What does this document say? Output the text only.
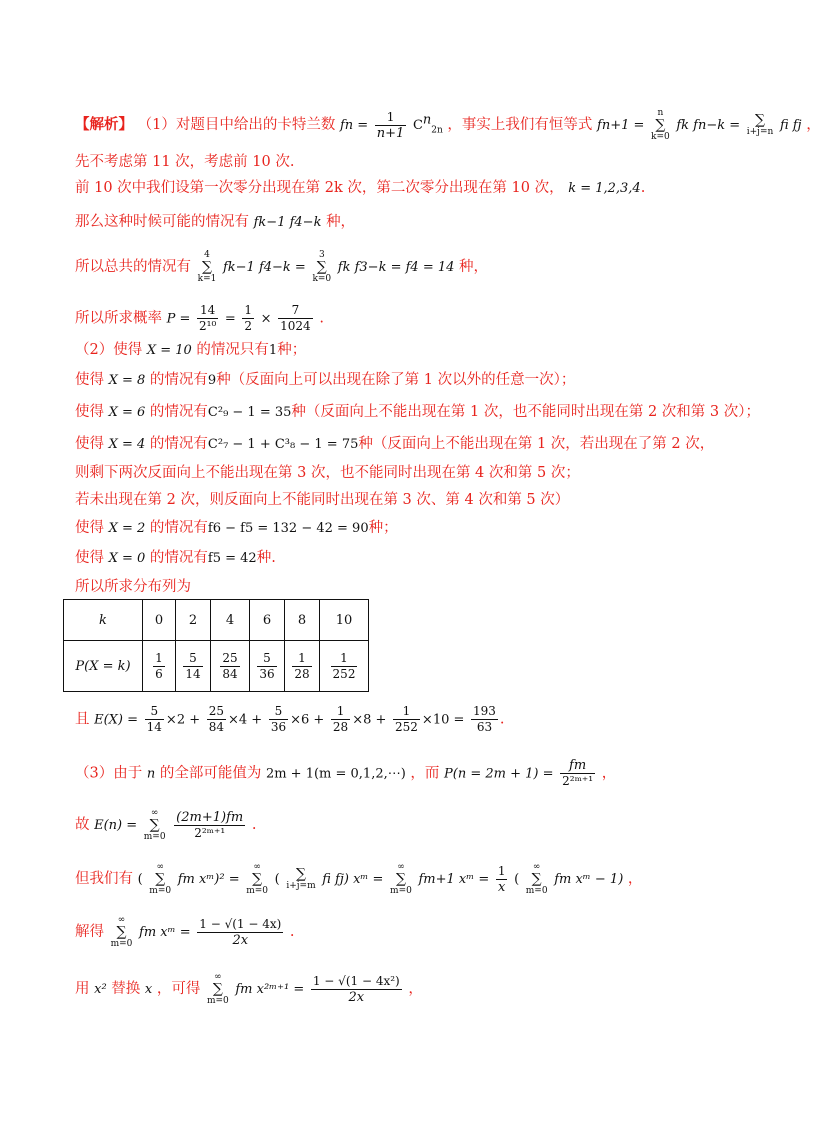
【解析】 （1）对题目中给出的卡特兰数 fn = $\frac{1}{n+1} C^n_{2n}$ ，事实上我们有恒等式 fn+1 = n
∑
k=0 fk fn−k = ∑
i+j=n fi fj ，
先不考虑第 11 次，考虑前 10 次.
前 10 次中我们设第一次零分出现在第 2k 次，第二次零分出现在第 10 次， k = 1,2,3,4.
那么这种时候可能的情况有 fk−1 f4−k 种，
所以总共的情况有 4
∑
k=1 fk−1 f4−k = 3
∑
k=0 fk f3−k = f4 = 14 种，
所以所求概率 $P = \frac{14}{\text{2¹⁰}} = \frac{1}{2} \times \frac{7}{1024}$ .
（2）使得 X = 10 的情况只有1种；
使得 X = 8 的情况有9种（反面向上可以出现在除了第 1 次以外的任意一次）；
使得 X = 6 的情况有C²₉ − 1 = 35种（反面向上不能出现在第 1 次，也不能同时出现在第 2 次和第 3 次）；
使得 X = 4 的情况有C²₇ − 1 + C³₈ − 1 = 75种（反面向上不能出现在第 1 次，若出现在了第 2 次，
则剩下两次反面向上不能出现在第 3 次，也不能同时出现在第 4 次和第 5 次；
若未出现在第 2 次，则反面向上不能同时出现在第 3 次、第 4 次和第 5 次）
使得 X = 2 的情况有f6 − f5 = 132 − 42 = 90种；
使得 X = 0 的情况有f5 = 42种.
所以所求分布列为
k	0	2	4	6	8	10
P(X = k)	$\frac{1}{6}$	$\frac{5}{14}$	$\frac{25}{84}$	$\frac{5}{36}$	$\frac{1}{28}$	$\frac{1}{252}$
且 $E(X) = \frac{5}{14} \times 2 + \frac{25}{84} \times 4 + \frac{5}{36} \times 6 + \frac{1}{28} \times 8 + \frac{1}{252} \times 10 = \frac{193}{63}$ .
（3）由于 n 的全部可能值为 2m + 1(m = 0,1,2,⋯) ，而 $P(n = 2m + 1) = \frac{fm}{\text{2²ᵐ⁺¹}}$ ，
故 E(n) = ∞
∑
$m=0 \frac{(2m+1)fm}{\text{2²ᵐ⁺¹}}$ .
但我们有 ( ∞
∑
m=0 fm xᵐ)² = ∞
∑
m=0 ( ∑
i+j=m fi fj) xᵐ = ∞
∑
m=0 fm+1 xᵐ = $\frac{1}{x}$ ( ∞
∑
m=0 fm xᵐ − 1) ，
解得 ∞
∑
m=0 fm xᵐ = $\frac{1 - √(1 - 4x)}{2x}$ .
用 x² 替换 x ，可得 ∞
∑
m=0 fm x²ᵐ⁺¹ = $\frac{\text{1 − √(1 − 4x²)}}{2x}$ ，
